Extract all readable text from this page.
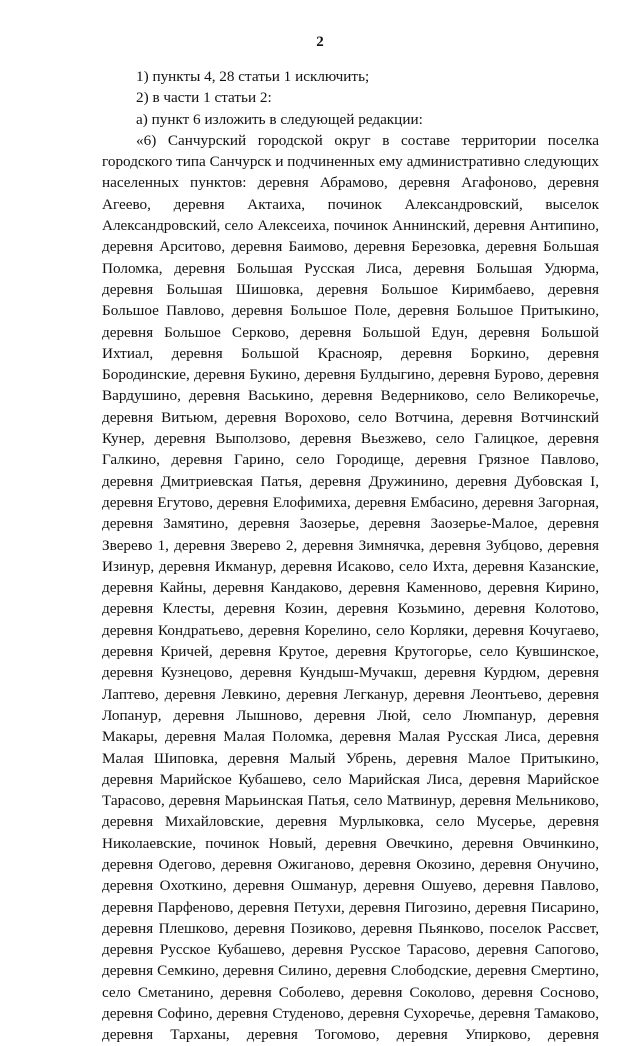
2

1) пункты 4, 28 статьи 1 исключить;

2) в части 1 статьи 2:

а) пункт 6 изложить в следующей редакции:

«6) Санчурский городской округ в составе территории поселка городского типа Санчурск и подчиненных ему административно следующих населенных пунктов: деревня Абрамово, деревня Агафоново, деревня Агеево, деревня Актаиха, починок Александровский, выселок Александровский, село Алексеиха, починок Аннинский, деревня Антипино, деревня Арситово, деревня Баимово, деревня Березовка, деревня Большая Поломка, деревня Большая Русская Лиса, деревня Большая Удюрма, деревня Большая Шишовка, деревня Большое Киримбаево, деревня Большое Павлово, деревня Большое Поле, деревня Большое Притыкино, деревня Большое Серково, деревня Большой Едун, деревня Большой Ихтиал, деревня Большой Краснояр, деревня Боркино, деревня Бородинские, деревня Букино, деревня Булдыгино, деревня Бурово, деревня Вардушино, деревня Васькино, деревня Ведерниково, село Великоречье, деревня Витьюм, деревня Ворохово, село Вотчина, деревня Вотчинский Кунер, деревня Выползово, деревня Вьезжево, село Галицкое, деревня Галкино, деревня Гарино, село Городище, деревня Грязное Павлово, деревня Дмитриевская Патья, деревня Дружинино, деревня Дубовская I, деревня Егутово, деревня Елофимиха, деревня Ембасино, деревня Загорная, деревня Замятино, деревня Заозерье, деревня Заозерье-Малое, деревня Зверево 1, деревня Зверево 2, деревня Зимнячка, деревня Зубцово, деревня Изинур, деревня Икманур, деревня Исаково, село Ихта, деревня Казанские, деревня Кайны, деревня Кандаково, деревня Каменново, деревня Кирино, деревня Клесты, деревня Козин, деревня Козьмино, деревня Колотово, деревня Кондратьево, деревня Корелино, село Корляки, деревня Кочугаево, деревня Кричей, деревня Крутое, деревня Крутогорье, село Кувшинское, деревня Кузнецово, деревня Кундыш-Мучакш, деревня Курдюм, деревня Лаптево, деревня Левкино, деревня Легканур, деревня Леонтьево, деревня Лопанур, деревня Лышново, деревня Люй, село Люмпанур, деревня Макары, деревня Малая Поломка, деревня Малая Русская Лиса, деревня Малая Шиповка, деревня Малый Убрень, деревня Малое Притыкино, деревня Марийское Кубашево, село Марийская Лиса, деревня Марийское Тарасово, деревня Марьинская Патья, село Матвинур, деревня Мельниково, деревня Михайловские, деревня Мурлыковка, село Мусерье, деревня Николаевские, починок Новый, деревня Овечкино, деревня Овчинкино, деревня Одегово, деревня Ожиганово, деревня Окозино, деревня Онучино, деревня Охоткино, деревня Ошманур, деревня Ошуево, деревня Павлово, деревня Парфеново, деревня Петухи, деревня Пигозино, деревня Писарино, деревня Плешково, деревня Позиково, деревня Пьянково, поселок Рассвет, деревня Русское Кубашево, деревня Русское Тарасово, деревня Сапогово, деревня Семкино, деревня Силино, деревня Слободские, деревня Смертино, село Сметанино, деревня Соболево, деревня Соколово, деревня Сосново, деревня Софино, деревня Студеново, деревня Сухоречье, деревня Тамаково, деревня Тарханы, деревня Тогомово, деревня Упирково, деревня
